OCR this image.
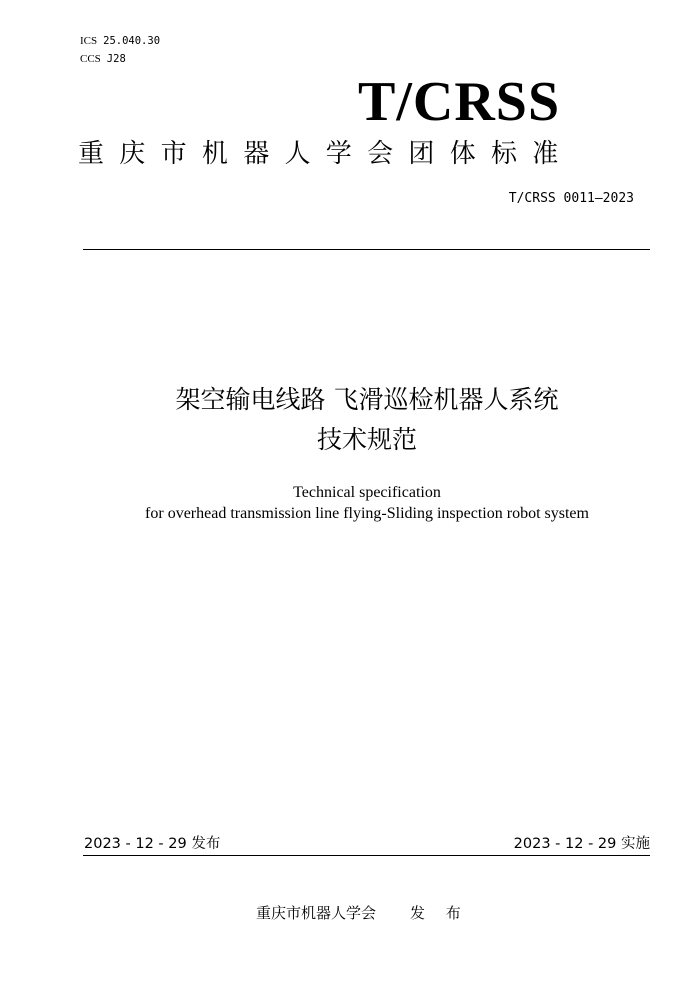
ICS 25.040.30
CCS J28
T/CRSS
重庆市机器人学会团体标准
T/CRSS 0011—2023
架空输电线路 飞滑巡检机器人系统
技术规范
Technical specification
for overhead transmission line flying-Sliding inspection robot system
2023 - 12 - 29 发布	2023 - 12 - 29 实施
重庆市机器人学会 发 布
